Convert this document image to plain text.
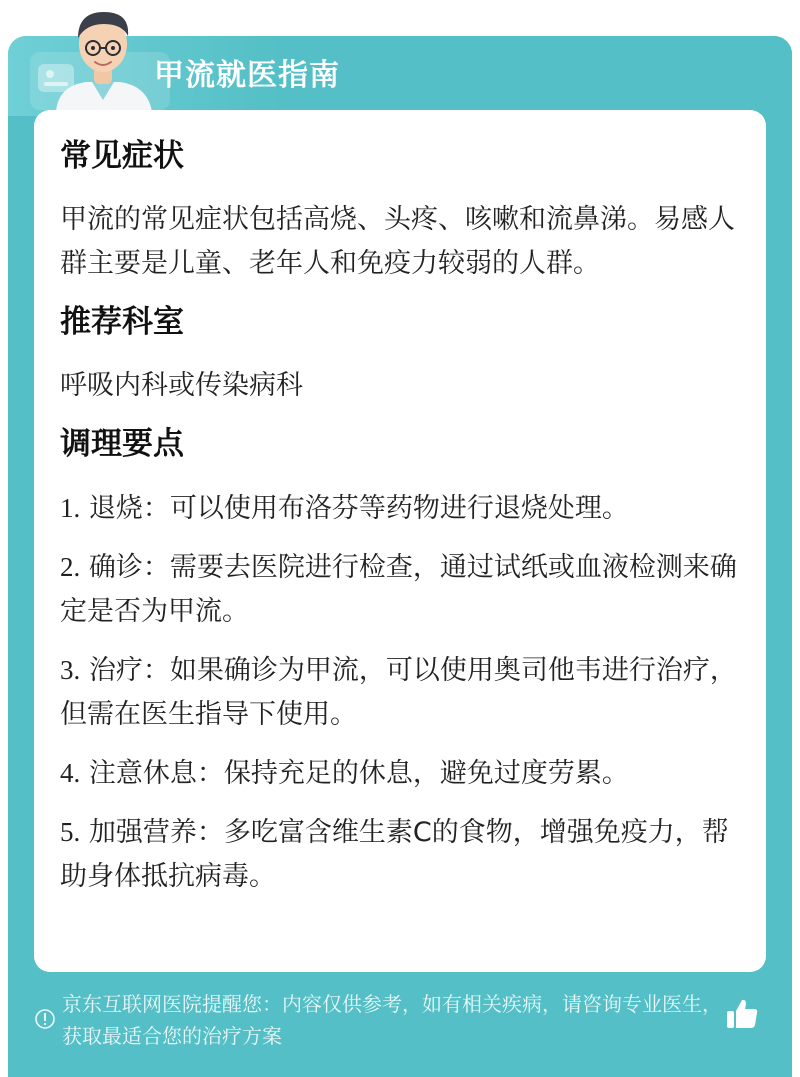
甲流就医指南
常见症状
甲流的常见症状包括高烧、头疼、咳嗽和流鼻涕。易感人群主要是儿童、老年人和免疫力较弱的人群。
推荐科室
呼吸内科或传染病科
调理要点
1. 退烧：可以使用布洛芬等药物进行退烧处理。
2. 确诊：需要去医院进行检查，通过试纸或血液检测来确定是否为甲流。
3. 治疗：如果确诊为甲流，可以使用奥司他韦进行治疗，但需在医生指导下使用。
4. 注意休息：保持充足的休息，避免过度劳累。
5. 加强营养：多吃富含维生素C的食物，增强免疫力，帮助身体抵抗病毒。
京东互联网医院提醒您：内容仅供参考，如有相关疾病，请咨询专业医生，获取最适合您的治疗方案
